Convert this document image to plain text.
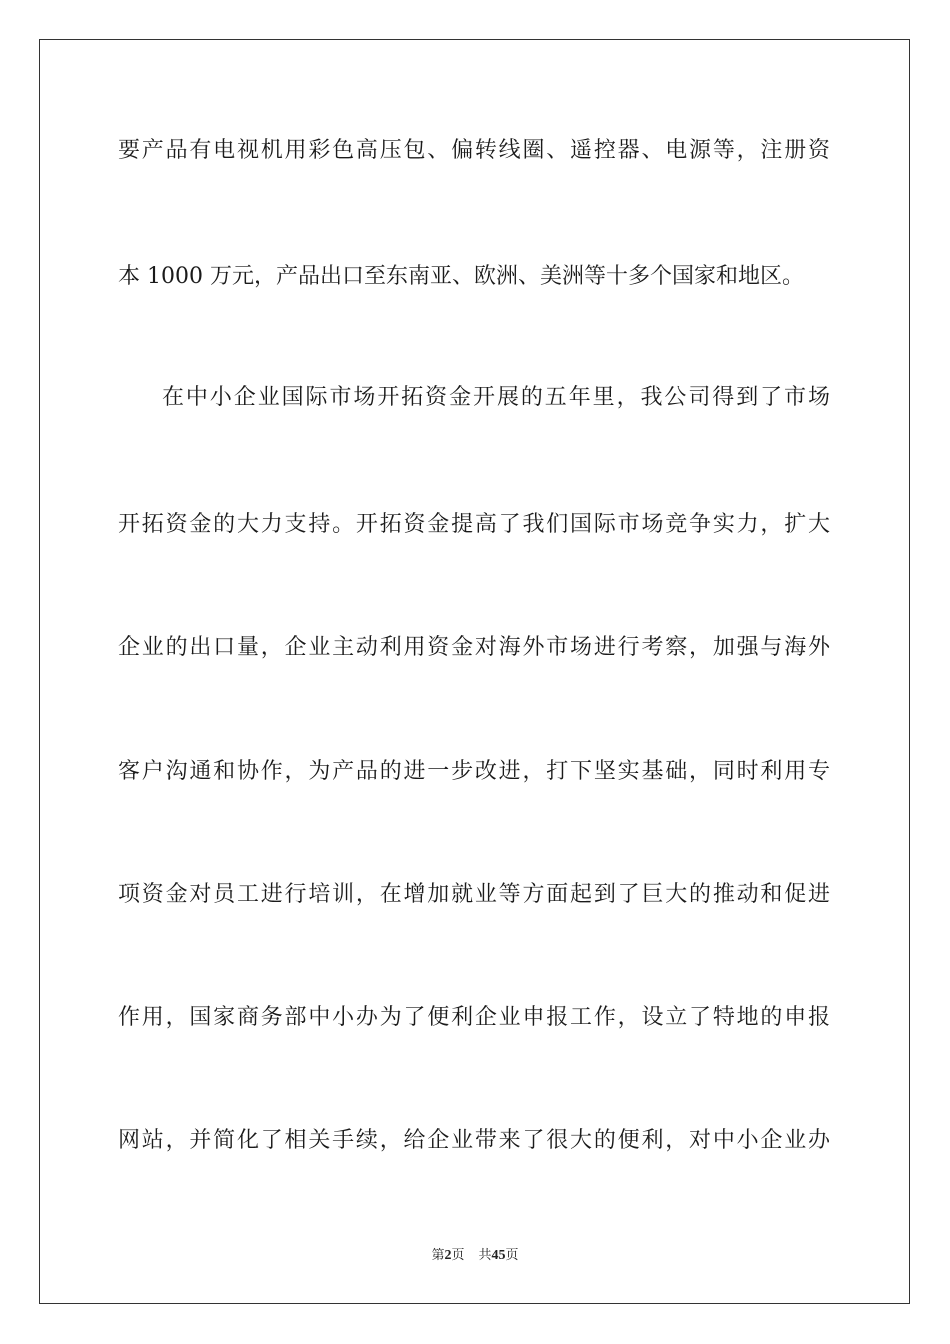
要产品有电视机用彩色高压包、偏转线圈、遥控器、电源等，注册资
本 1000 万元，产品出口至东南亚、欧洲、美洲等十多个国家和地区。
在中小企业国际市场开拓资金开展的五年里，我公司得到了市场
开拓资金的大力支持。开拓资金提高了我们国际市场竞争实力，扩大
企业的出口量，企业主动利用资金对海外市场进行考察，加强与海外
客户沟通和协作，为产品的进一步改进，打下坚实基础，同时利用专
项资金对员工进行培训，在增加就业等方面起到了巨大的推动和促进
作用，国家商务部中小办为了便利企业申报工作，设立了特地的申报
网站，并简化了相关手续，给企业带来了很大的便利，对中小企业办
第2页 共45页
